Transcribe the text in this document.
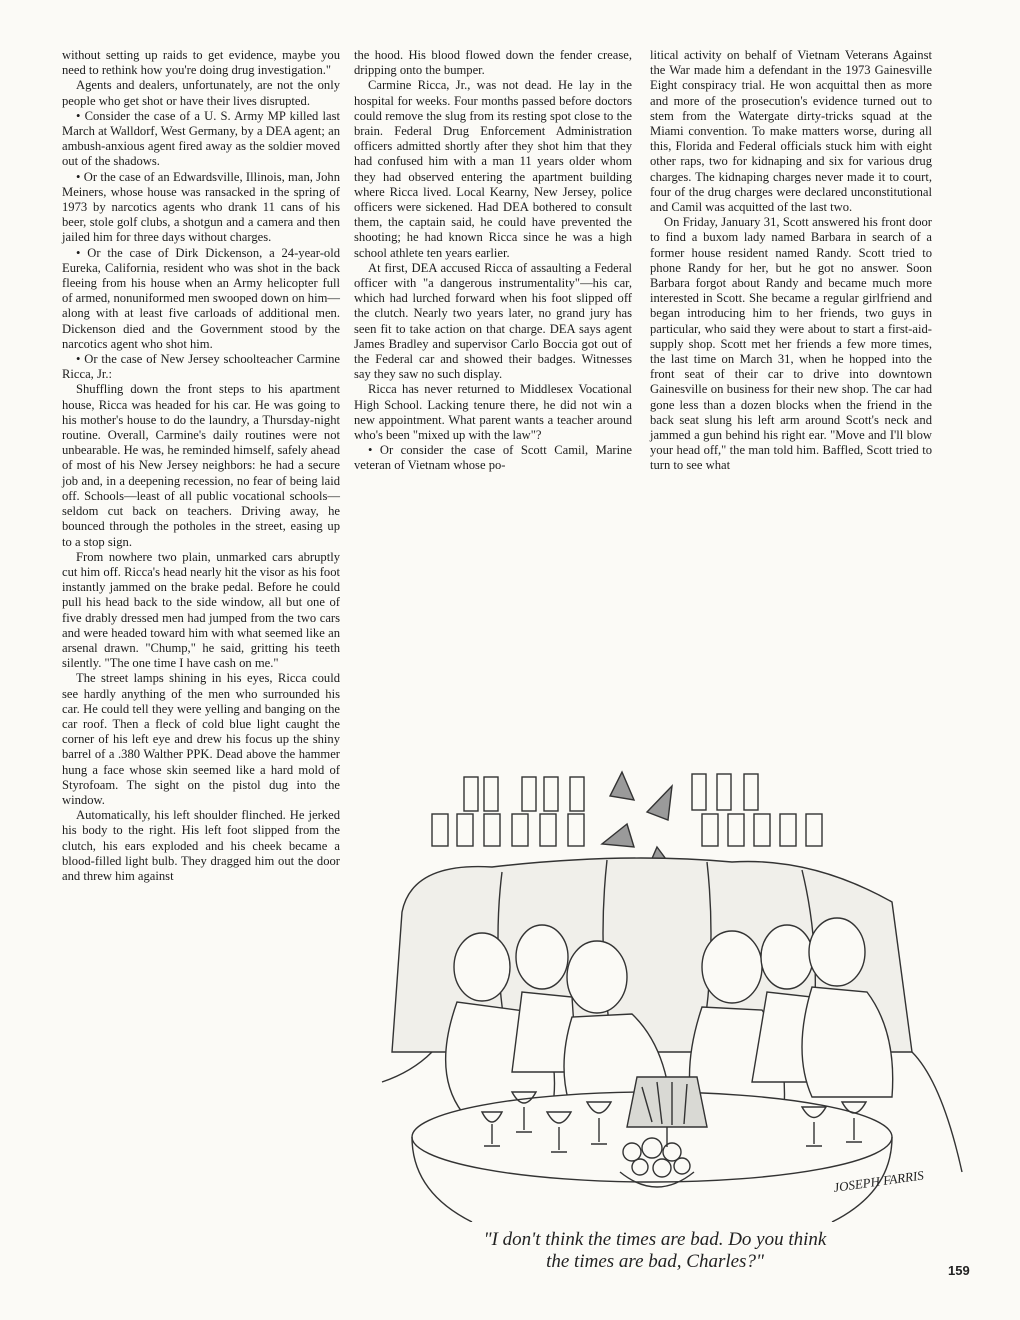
without setting up raids to get evidence, maybe you need to rethink how you're doing drug investigation."

Agents and dealers, unfortunately, are not the only people who get shot or have their lives disrupted.

• Consider the case of a U. S. Army MP killed last March at Walldorf, West Germany, by a DEA agent; an ambush-anxious agent fired away as the soldier moved out of the shadows.

• Or the case of an Edwardsville, Illinois, man, John Meiners, whose house was ransacked in the spring of 1973 by narcotics agents who drank 11 cans of his beer, stole golf clubs, a shotgun and a camera and then jailed him for three days without charges.

• Or the case of Dirk Dickenson, a 24-year-old Eureka, California, resident who was shot in the back fleeing from his house when an Army helicopter full of armed, nonuniformed men swooped down on him—along with at least five carloads of additional men. Dickenson died and the Government stood by the narcotics agent who shot him.

• Or the case of New Jersey schoolteacher Carmine Ricca, Jr.:

Shuffling down the front steps to his apartment house, Ricca was headed for his car. He was going to his mother's house to do the laundry, a Thursday-night routine. Overall, Carmine's daily routines were not unbearable. He was, he reminded himself, safely ahead of most of his New Jersey neighbors: he had a secure job and, in a deepening recession, no fear of being laid off. Schools—least of all public vocational schools—seldom cut back on teachers. Driving away, he bounced through the potholes in the street, easing up to a stop sign.

From nowhere two plain, unmarked cars abruptly cut him off. Ricca's head nearly hit the visor as his foot instantly jammed on the brake pedal. Before he could pull his head back to the side window, all but one of five drably dressed men had jumped from the two cars and were headed toward him with what seemed like an arsenal drawn. "Chump," he said, gritting his teeth silently. "The one time I have cash on me."

The street lamps shining in his eyes, Ricca could see hardly anything of the men who surrounded his car. He could tell they were yelling and banging on the car roof. Then a fleck of cold blue light caught the corner of his left eye and drew his focus up the shiny barrel of a .380 Walther PPK. Dead above the hammer hung a face whose skin seemed like a hard mold of Styrofoam. The sight on the pistol dug into the window.

Automatically, his left shoulder flinched. He jerked his body to the right. His left foot slipped from the clutch, his ears exploded and his cheek became a blood-filled light bulb. They dragged him out the door and threw him against

the hood. His blood flowed down the fender crease, dripping onto the bumper.

Carmine Ricca, Jr., was not dead. He lay in the hospital for weeks. Four months passed before doctors could remove the slug from its resting spot close to the brain. Federal Drug Enforcement Administration officers admitted shortly after they shot him that they had confused him with a man 11 years older whom they had observed entering the apartment building where Ricca lived. Local Kearny, New Jersey, police officers were sickened. Had DEA bothered to consult them, the captain said, he could have prevented the shooting; he had known Ricca since he was a high school athlete ten years earlier.

At first, DEA accused Ricca of assaulting a Federal officer with "a dangerous instrumentality"—his car, which had lurched forward when his foot slipped off the clutch. Nearly two years later, no grand jury has seen fit to take action on that charge. DEA says agent James Bradley and supervisor Carlo Boccia got out of the Federal car and showed their badges. Witnesses say they saw no such display.

Ricca has never returned to Middlesex Vocational High School. Lacking tenure there, he did not win a new appointment. What parent wants a teacher around who's been "mixed up with the law"?

• Or consider the case of Scott Camil, Marine veteran of Vietnam whose po-

litical activity on behalf of Vietnam Veterans Against the War made him a defendant in the 1973 Gainesville Eight conspiracy trial. He won acquittal then as more and more of the prosecution's evidence turned out to stem from the Watergate dirty-tricks squad at the Miami convention. To make matters worse, during all this, Florida and Federal officials stuck him with eight other raps, two for kidnaping and six for various drug charges. The kidnaping charges never made it to court, four of the drug charges were declared unconstitutional and Camil was acquitted of the last two.

On Friday, January 31, Scott answered his front door to find a buxom lady named Barbara in search of a former house resident named Randy. Scott tried to phone Randy for her, but he got no answer. Soon Barbara forgot about Randy and became much more interested in Scott. She became a regular girlfriend and began introducing him to her friends, two guys in particular, who said they were about to start a first-aid-supply shop. Scott met her friends a few more times, the last time on March 31, when he hopped into the front seat of their car to drive into downtown Gainesville on business for their new shop. The car had gone less than a dozen blocks when the friend in the back seat slung his left arm around Scott's neck and jammed a gun behind his right ear. "Move and I'll blow your head off," the man told him. Baffled, Scott tried to turn to see what

JOSEPH FARRIS
"I don't think the times are bad. Do you think
the times are bad, Charles?"	159
